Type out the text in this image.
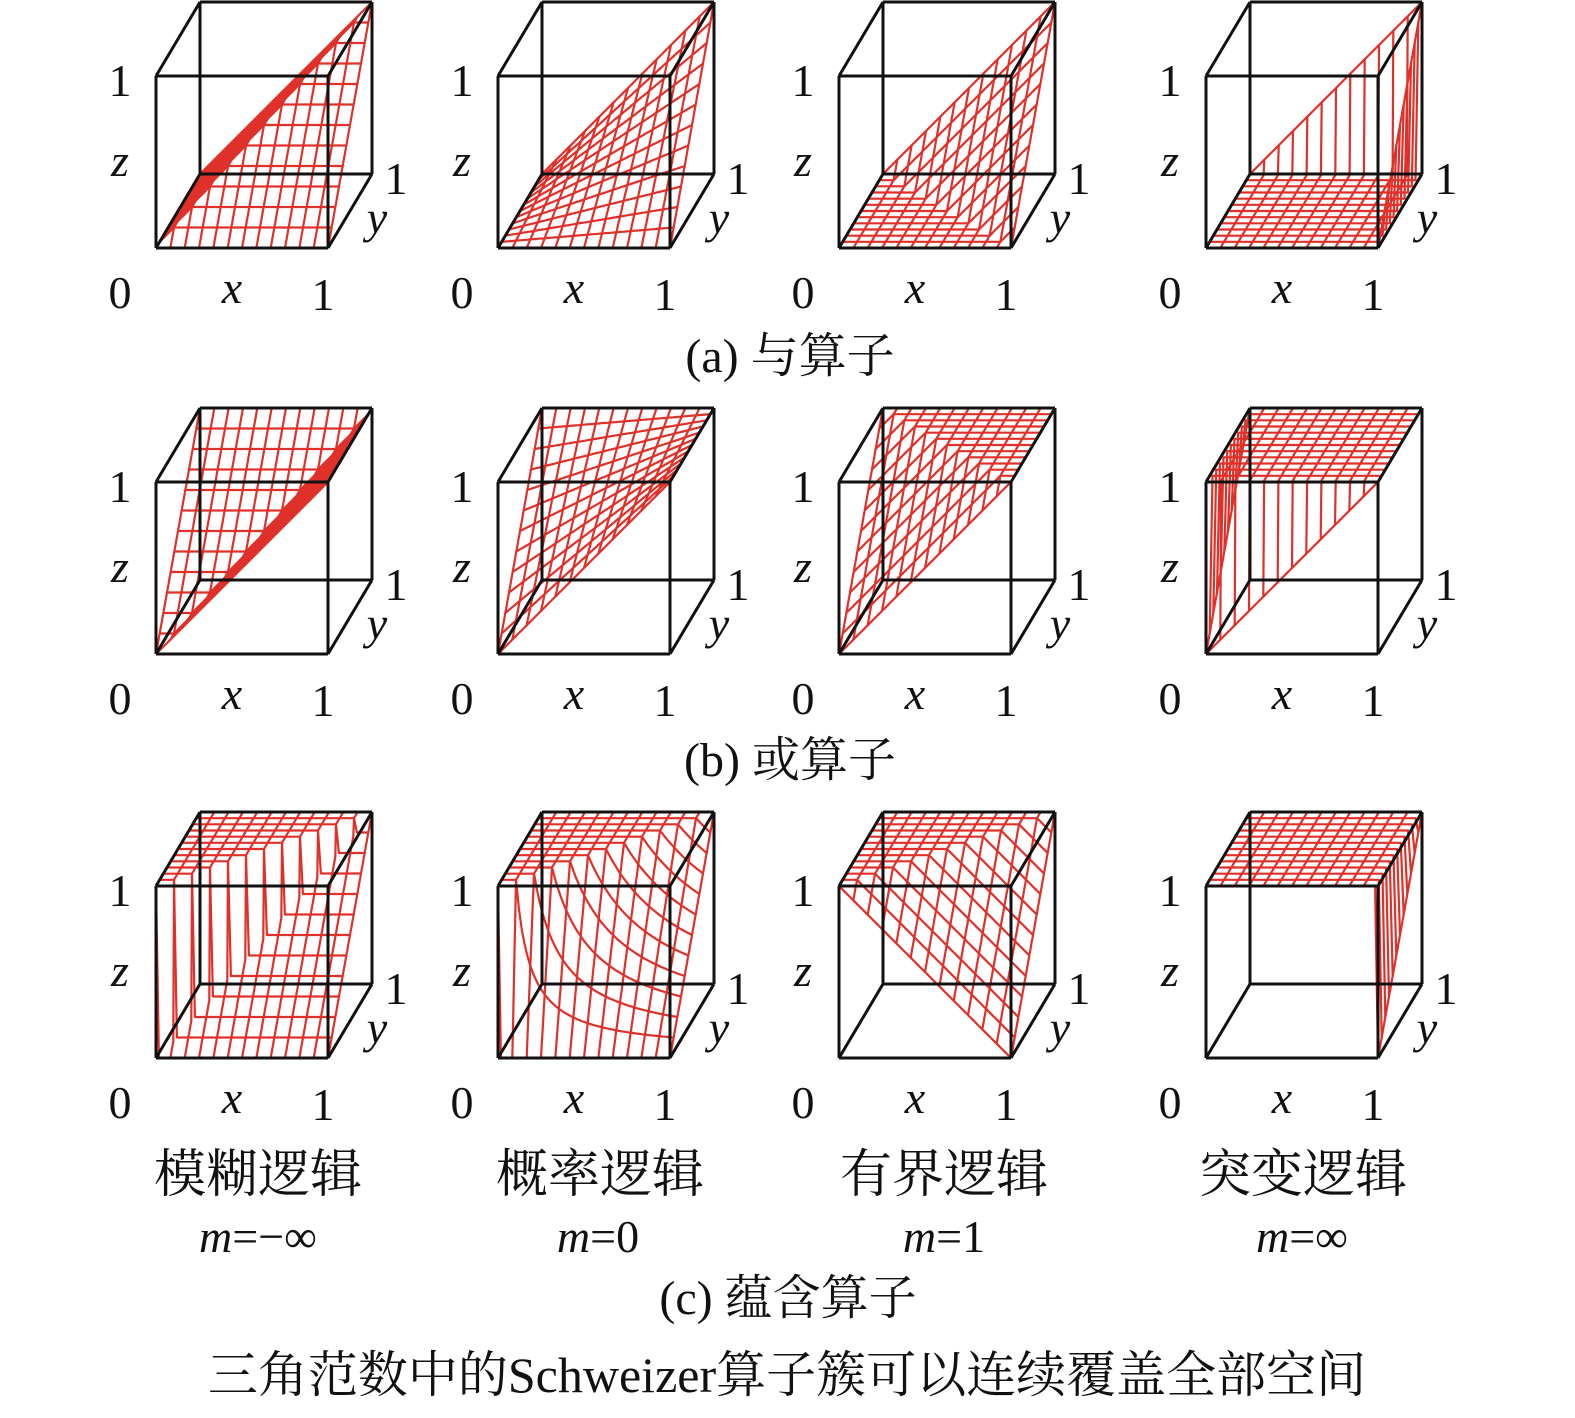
1
z
0 x 1
1
y
1
z
0 x 1
1
y
1
z
0 x 1
1
y
1
z
0 x 1
1
y
1
z
0 x 1
1
y
1
z
0 x 1
1
y
1
z
0 x 1
1
y
1
z
0 x 1
1
y
1
z
0 x 1
1
y
1
z
0 x 1
1
y
1
z
0 x 1
1
y
1
z
0 x 1
1
y
(a) 与算子
(b) 或算子
模糊逻辑	概率逻辑	有界逻辑	突变逻辑
m=−∞	m=0	m=1	m=∞
(c) 蕴含算子
三角范数中的Schweizer算子簇可以连续覆盖全部空间
